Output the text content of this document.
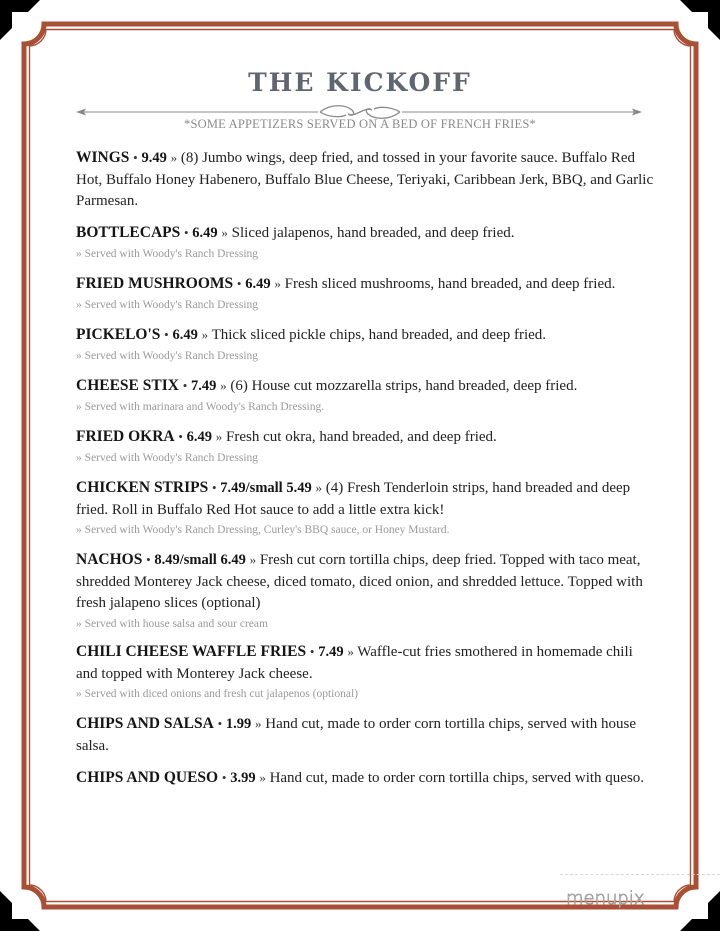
THE KICKOFF
*SOME APPETIZERS SERVED ON A BED OF FRENCH FRIES*
WINGS • 9.49 » (8) Jumbo wings, deep fried, and tossed in your favorite sauce. Buffalo Red Hot, Buffalo Honey Habenero, Buffalo Blue Cheese, Teriyaki, Caribbean Jerk, BBQ, and Garlic Parmesan.
BOTTLECAPS • 6.49 » Sliced jalapenos, hand breaded, and deep fried.
» Served with Woody's Ranch Dressing
FRIED MUSHROOMS • 6.49 » Fresh sliced mushrooms, hand breaded, and deep fried.
» Served with Woody's Ranch Dressing
PICKELO'S • 6.49 » Thick sliced pickle chips, hand breaded, and deep fried.
» Served with Woody's Ranch Dressing
CHEESE STIX • 7.49 » (6) House cut mozzarella strips, hand breaded, deep fried.
» Served with marinara and Woody's Ranch Dressing.
FRIED OKRA • 6.49 » Fresh cut okra, hand breaded, and deep fried.
» Served with Woody's Ranch Dressing
CHICKEN STRIPS • 7.49/small 5.49 » (4) Fresh Tenderloin strips, hand breaded and deep fried. Roll in Buffalo Red Hot sauce to add a little extra kick!
» Served with Woody's Ranch Dressing, Curley's BBQ sauce, or Honey Mustard.
NACHOS • 8.49/small 6.49 » Fresh cut corn tortilla chips, deep fried. Topped with taco meat, shredded Monterey Jack cheese, diced tomato, diced onion, and shredded lettuce. Topped with fresh jalapeno slices (optional)
» Served with house salsa and sour cream
CHILI CHEESE WAFFLE FRIES • 7.49 » Waffle-cut fries smothered in homemade chili and topped with Monterey Jack cheese.
» Served with diced onions and fresh cut jalapenos (optional)
CHIPS AND SALSA • 1.99 » Hand cut, made to order corn tortilla chips, served with house salsa.
CHIPS AND QUESO • 3.99 » Hand cut, made to order corn tortilla chips, served with queso.
menupix
